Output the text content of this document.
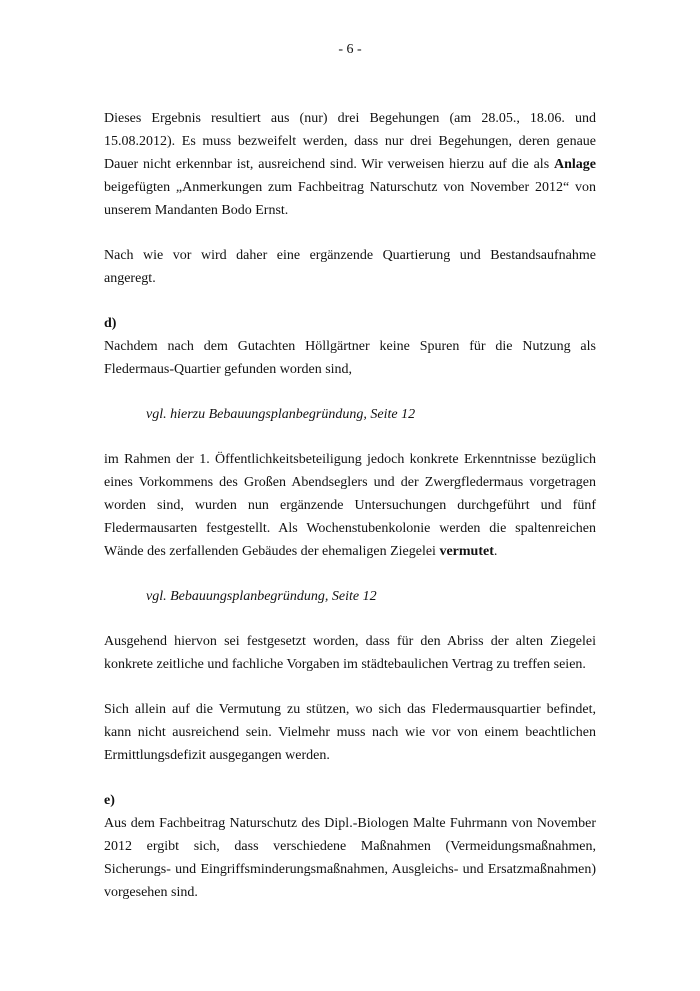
- 6 -

Dieses Ergebnis resultiert aus (nur) drei Begehungen (am 28.05., 18.06. und 15.08.2012). Es muss bezweifelt werden, dass nur drei Begehungen, deren genaue Dauer nicht erkennbar ist, ausreichend sind. Wir verweisen hierzu auf die als Anlage beigefügten „Anmerkungen zum Fachbeitrag Naturschutz von November 2012“ von unserem Mandanten Bodo Ernst.

Nach wie vor wird daher eine ergänzende Quartierung und Bestandsaufnahme angeregt.

d)

Nachdem nach dem Gutachten Höllgärtner keine Spuren für die Nutzung als Fledermaus-Quartier gefunden worden sind,

vgl. hierzu Bebauungsplanbegründung, Seite 12

im Rahmen der 1. Öffentlichkeitsbeteiligung jedoch konkrete Erkenntnisse bezüglich eines Vorkommens des Großen Abendseglers und der Zwergfledermaus vorgetragen worden sind, wurden nun ergänzende Untersuchungen durchgeführt und fünf Fledermausarten festgestellt. Als Wochenstubenkolonie werden die spaltenreichen Wände des zerfallenden Gebäudes der ehemaligen Ziegelei vermutet.

vgl. Bebauungsplanbegründung, Seite 12

Ausgehend hiervon sei festgesetzt worden, dass für den Abriss der alten Ziegelei konkrete zeitliche und fachliche Vorgaben im städtebaulichen Vertrag zu treffen seien.

Sich allein auf die Vermutung zu stützen, wo sich das Fledermausquartier befindet, kann nicht ausreichend sein. Vielmehr muss nach wie vor von einem beachtlichen Ermittlungsdefizit ausgegangen werden.

e)

Aus dem Fachbeitrag Naturschutz des Dipl.-Biologen Malte Fuhrmann von November 2012 ergibt sich, dass verschiedene Maßnahmen (Vermeidungsmaßnahmen, Sicherungs- und Eingriffsminderungsmaßnahmen, Ausgleichs- und Ersatzmaßnahmen) vorgesehen sind.
